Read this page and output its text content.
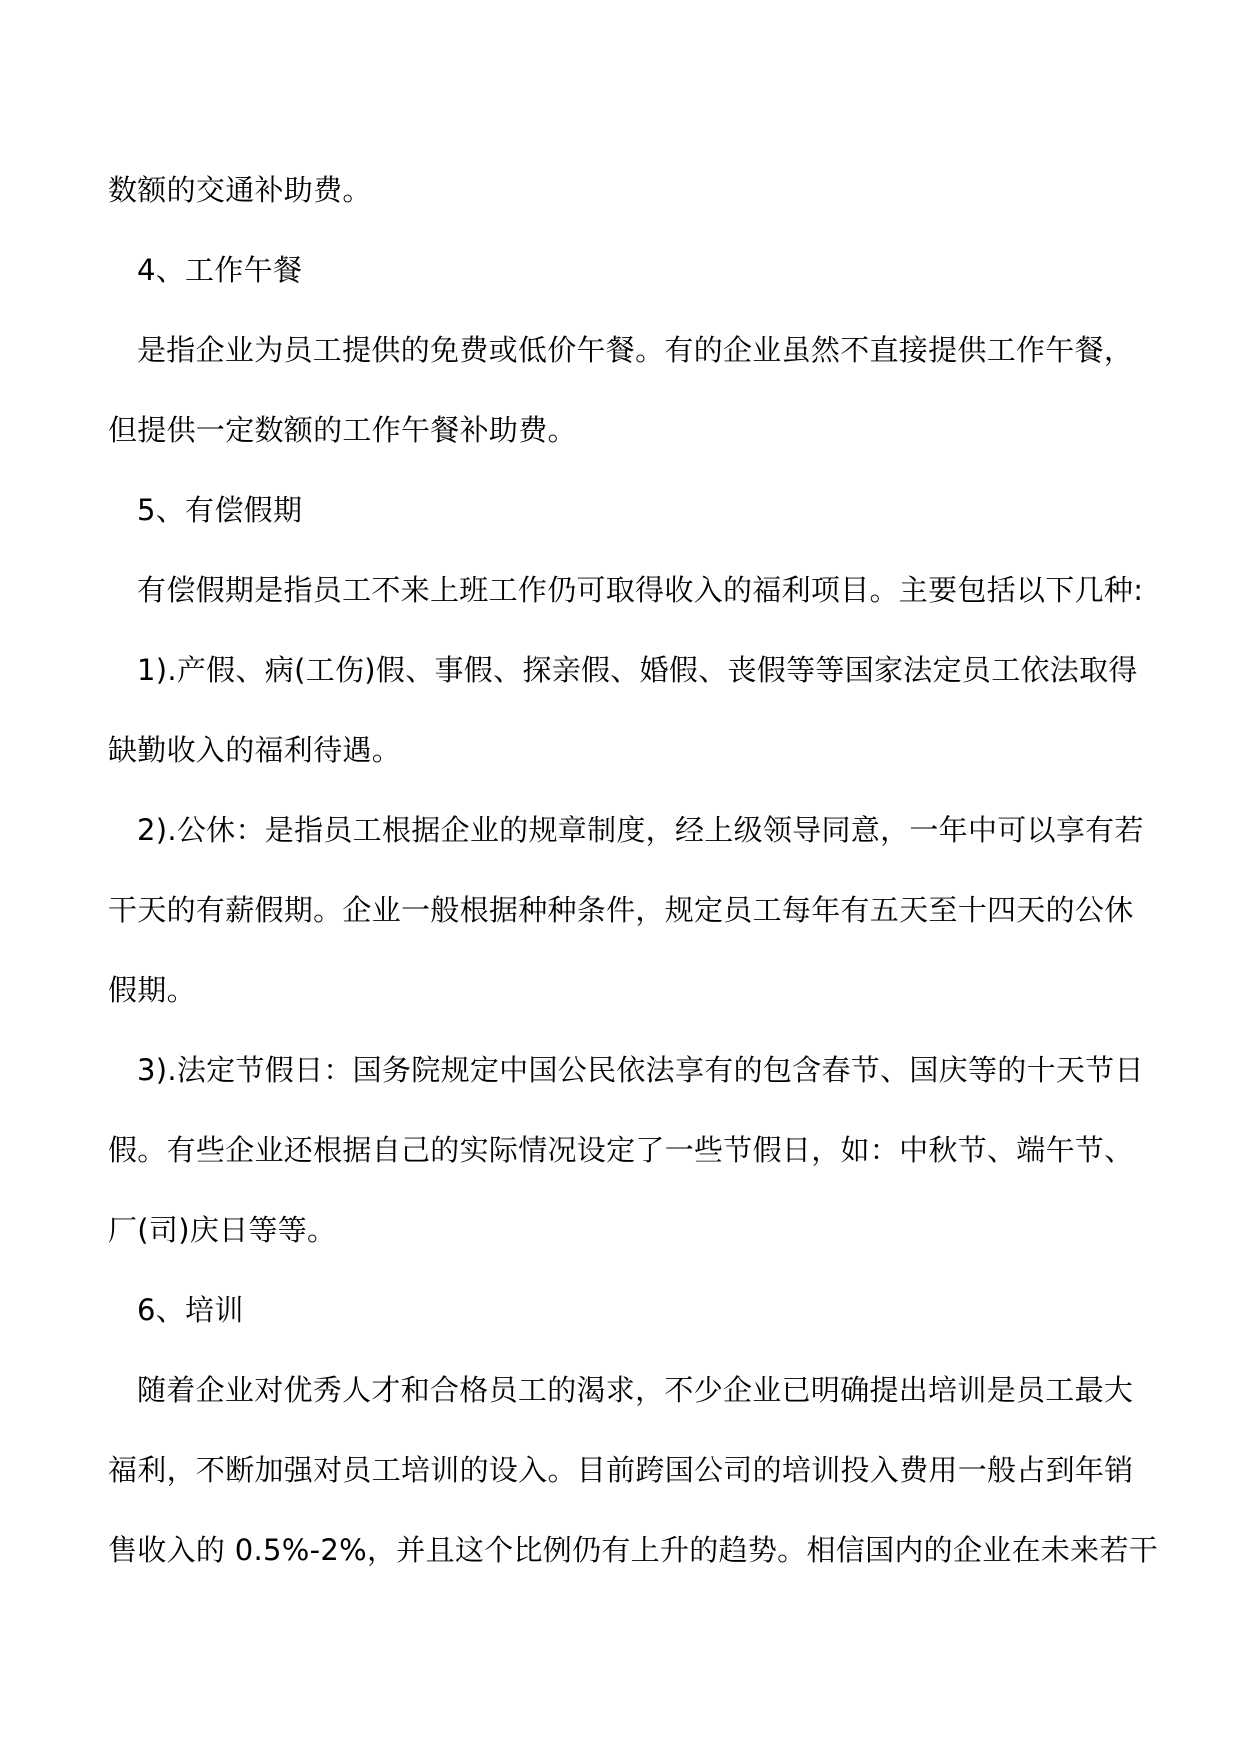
数额的交通补助费。
4、工作午餐
是指企业为员工提供的免费或低价午餐。有的企业虽然不直接提供工作午餐，
但提供一定数额的工作午餐补助费。
5、有偿假期
有偿假期是指员工不来上班工作仍可取得收入的福利项目。主要包括以下几种:
1).产假、病(工伤)假、事假、探亲假、婚假、丧假等等国家法定员工依法取得
缺勤收入的福利待遇。
2).公休：是指员工根据企业的规章制度，经上级领导同意，一年中可以享有若
干天的有薪假期。企业一般根据种种条件，规定员工每年有五天至十四天的公休
假期。
3).法定节假日：国务院规定中国公民依法享有的包含春节、国庆等的十天节日
假。有些企业还根据自己的实际情况设定了一些节假日，如：中秋节、端午节、
厂(司)庆日等等。
6、培训
随着企业对优秀人才和合格员工的渴求，不少企业已明确提出培训是员工最大
福利，不断加强对员工培训的设入。目前跨国公司的培训投入费用一般占到年销
售收入的 0.5%-2%，并且这个比例仍有上升的趋势。相信国内的企业在未来若干
